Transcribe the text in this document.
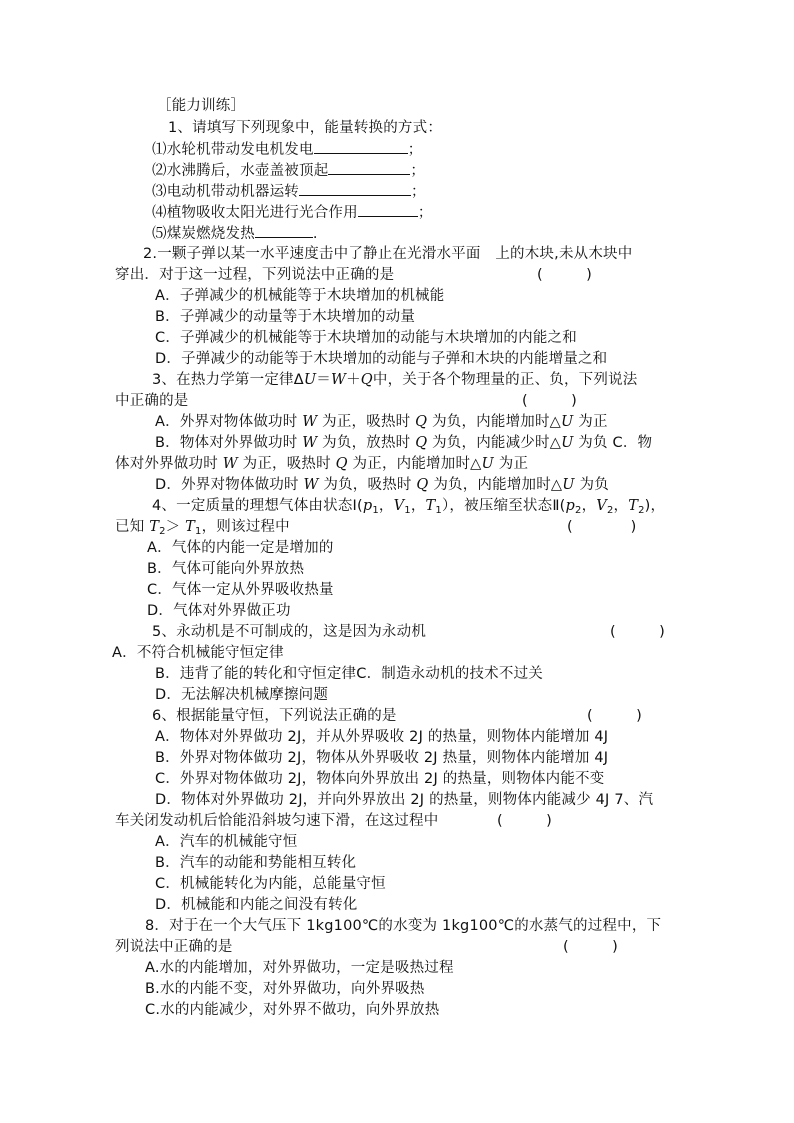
［能力训练］
1、请填写下列现象中，能量转换的方式：
⑴水轮机带动发电机发电	；
⑵水沸腾后，水壶盖被顶起	；
⑶电动机带动机器运转	；
⑷植物吸收太阳光进行光合作用	；
⑸煤炭燃烧发热	.
2.一颗子弹以某一水平速度击中了静止在光滑水平面　上的木块,未从木块中
穿出．对于这一过程，下列说法中正确的是	(　　　)
A．子弹减少的机械能等于木块增加的机械能
B．子弹减少的动量等于木块增加的动量
C．子弹减少的机械能等于木块增加的动能与木块增加的内能之和
D．子弹减少的动能等于木块增加的动能与子弹和木块的内能增量之和
3、在热力学第一定律ΔU＝W＋Q中，关于各个物理量的正、负，下列说法
中正确的是	(　　　)
A．外界对物体做功时 W 为正，吸热时 Q 为负，内能增加时△U 为正
B．物体对外界做功时 W 为负，放热时 Q 为负，内能减少时△U 为负 C．物
体对外界做功时 W 为正，吸热时 Q 为正，内能增加时△U 为正
D．外界对物体做功时 W 为负，吸热时 Q 为负，内能增加时△U 为负
4、一定质量的理想气体由状态$Ⅰ(p_1$，$V_1$，$T_1$），被压缩至状态$Ⅱ(p_2$，$V_2$，$T_2$)，
已知 $T_2> T_1$，则该过程中	(　　　　)
A．气体的内能一定是增加的
B．气体可能向外界放热
C．气体一定从外界吸收热量
D．气体对外界做正功
5、永动机是不可制成的，这是因为永动机	(　　　)
A．不符合机械能守恒定律
B．违背了能的转化和守恒定律C．制造永动机的技术不过关
D．无法解决机械摩擦问题
6、根据能量守恒，下列说法正确的是	(　　　)
A．物体对外界做功 2J，并从外界吸收 2J 的热量，则物体内能增加 4J
B．外界对物体做功 2J，物体从外界吸收 2J 热量，则物体内能增加 4J
C．外界对物体做功 2J，物体向外界放出 2J 的热量，则物体内能不变
D．物体对外界做功 2J，并向外界放出 2J 的热量，则物体内能减少 4J 7、汽
车关闭发动机后恰能沿斜坡匀速下滑，在这过程中	(　　　)
A．汽车的机械能守恒
B．汽车的动能和势能相互转化
C．机械能转化为内能，总能量守恒
D．机械能和内能之间没有转化
8．对于在一个大气压下 1kg100℃的水变为 1kg100℃的水蒸气的过程中，下
列说法中正确的是	(　　　)
A.水的内能增加，对外界做功，一定是吸热过程
B.水的内能不变，对外界做功，向外界吸热
C.水的内能减少，对外界不做功，向外界放热
